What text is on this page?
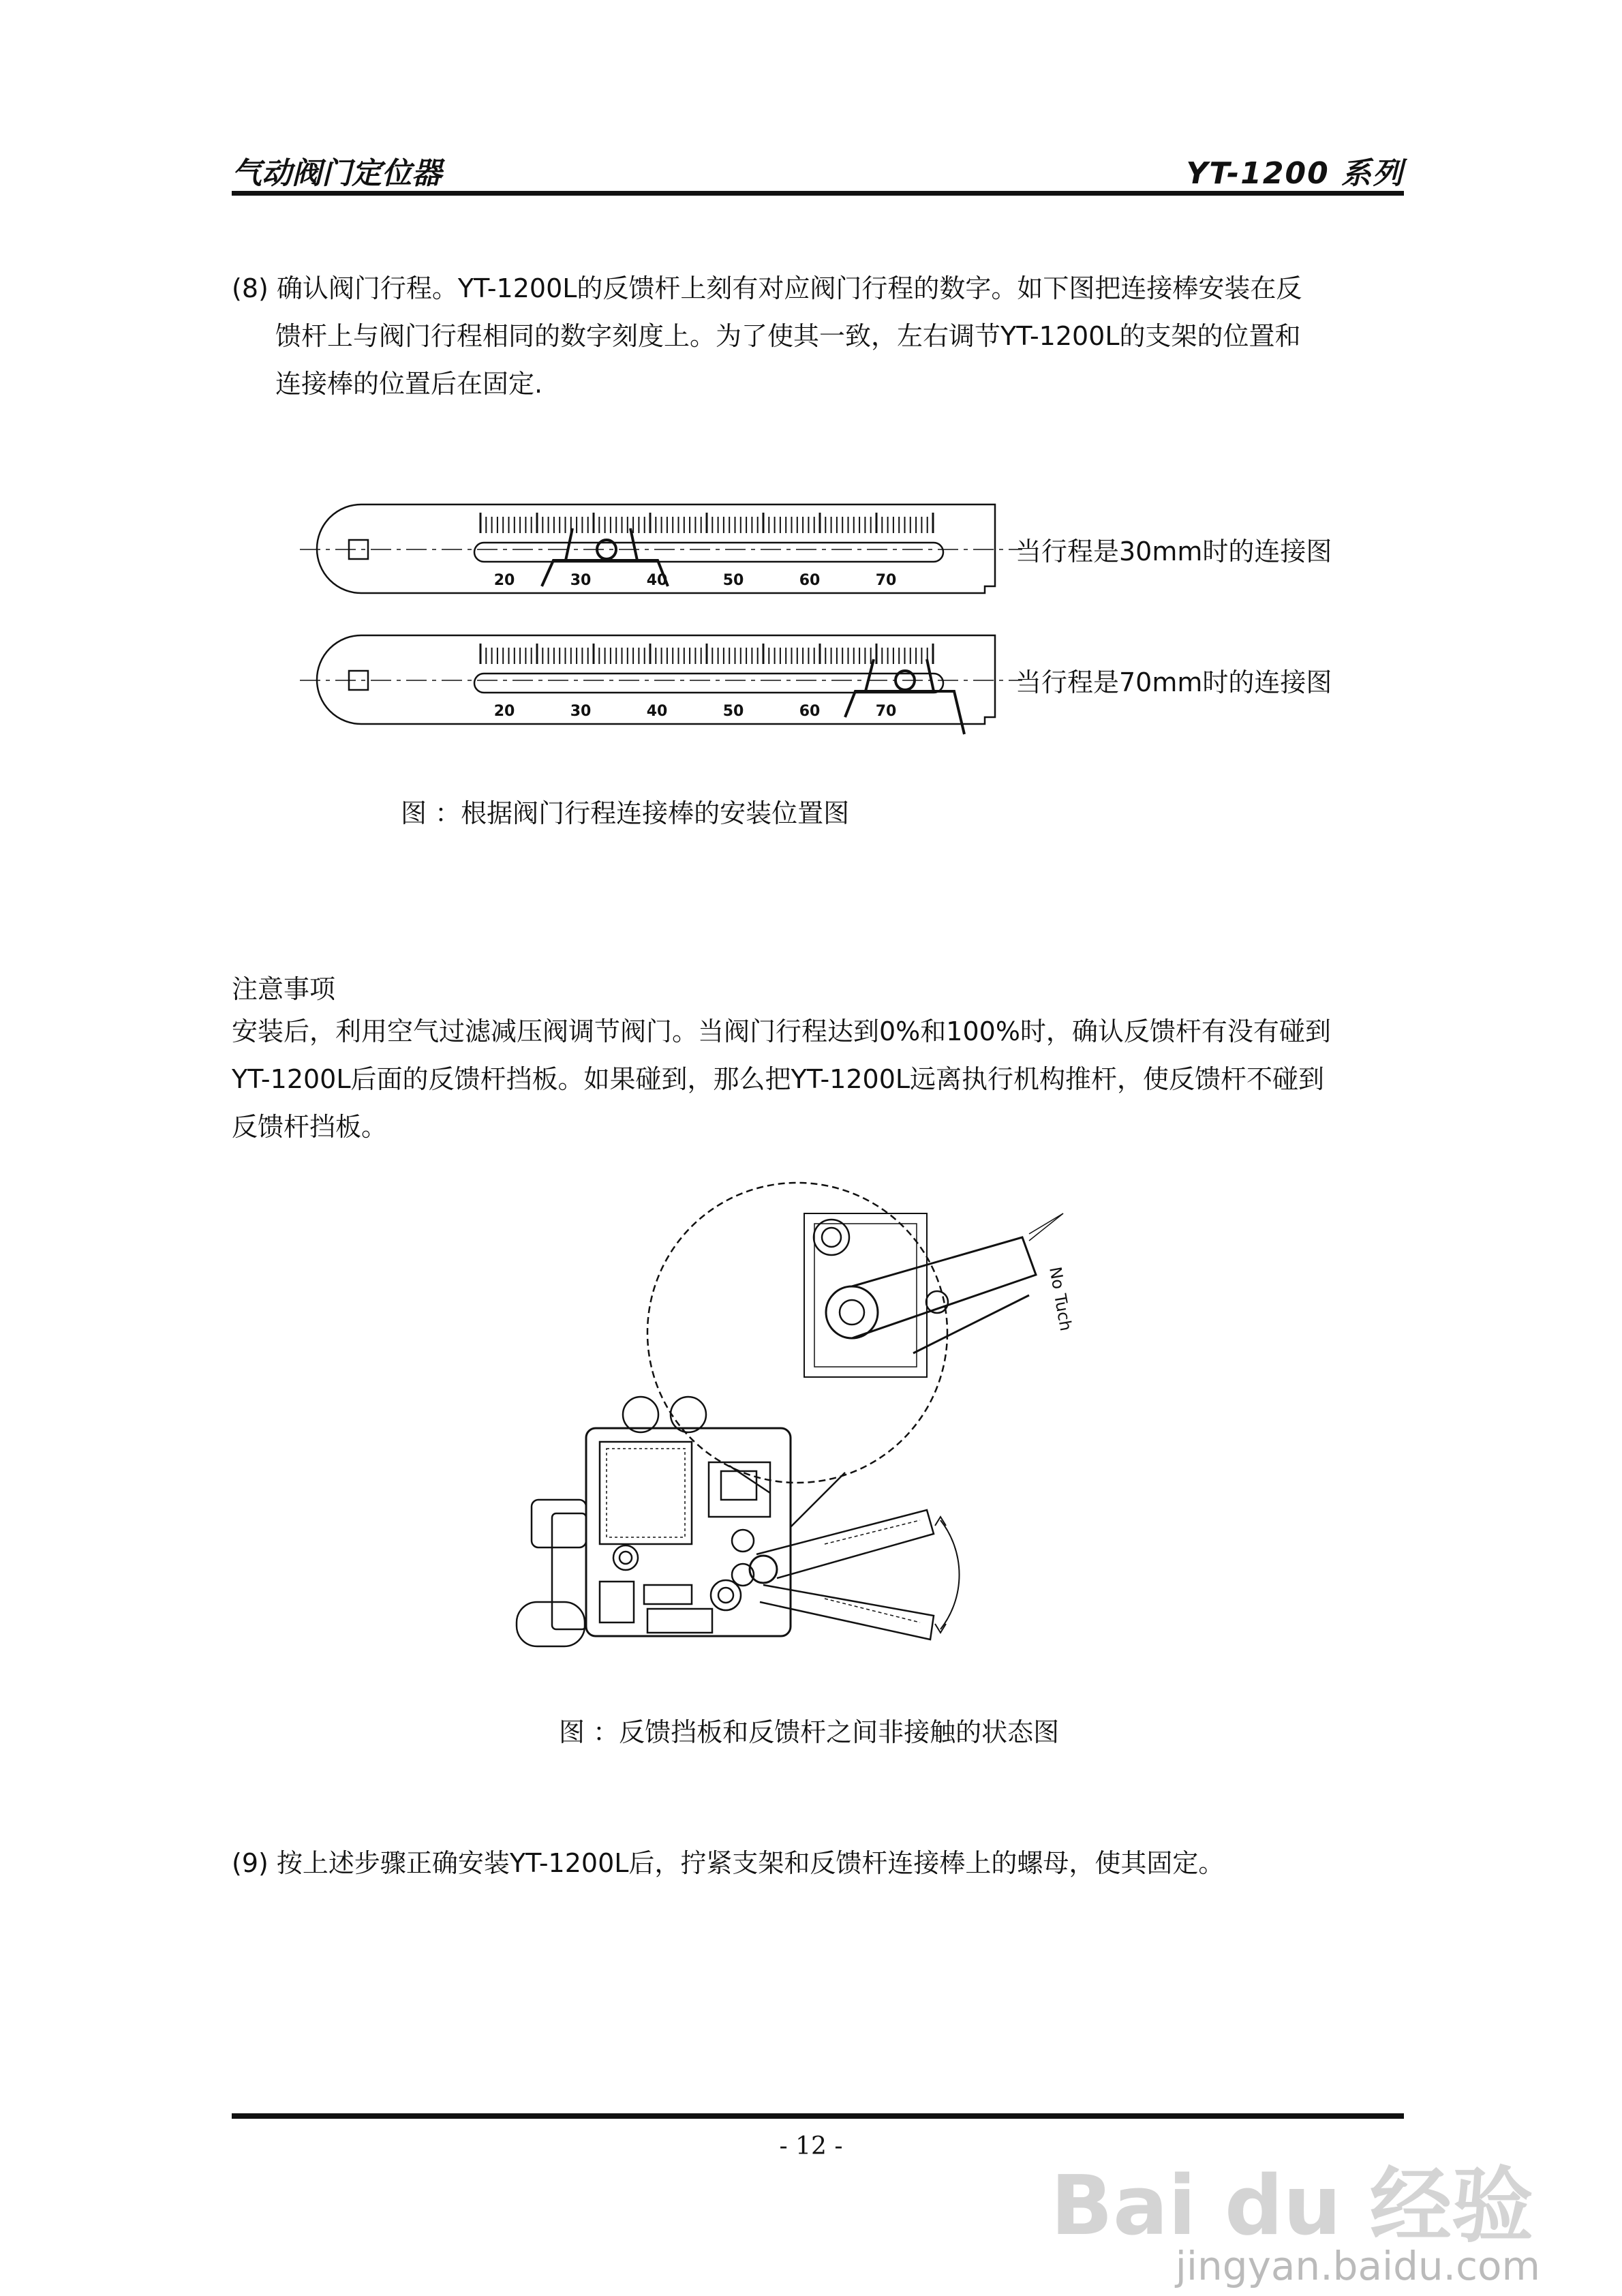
气动阀门定位器	YT-1200 系列
(8) 确认阀门行程。YT-1200L的反馈杆上刻有对应阀门行程的数字。如下图把连接棒安装在反
馈杆上与阀门行程相同的数字刻度上。为了使其一致，左右调节YT-1200L的支架的位置和
连接棒的位置后在固定.
20	30	40	50	60	70
20	30	40	50	60	70
当行程是30mm时的连接图
当行程是70mm时的连接图
图 ：根据阀门行程连接棒的安装位置图
注意事项
安装后，利用空气过滤减压阀调节阀门。当阀门行程达到0%和100%时，确认反馈杆有没有碰到
YT-1200L后面的反馈杆挡板。如果碰到，那么把YT-1200L远离执行机构推杆，使反馈杆不碰到
反馈杆挡板。
No Tuch
图 ：反馈挡板和反馈杆之间非接触的状态图
(9) 按上述步骤正确安装YT-1200L后，拧紧支架和反馈杆连接棒上的螺母，使其固定。
- 12 -
Bai du 经验
jingyan.baidu.com
